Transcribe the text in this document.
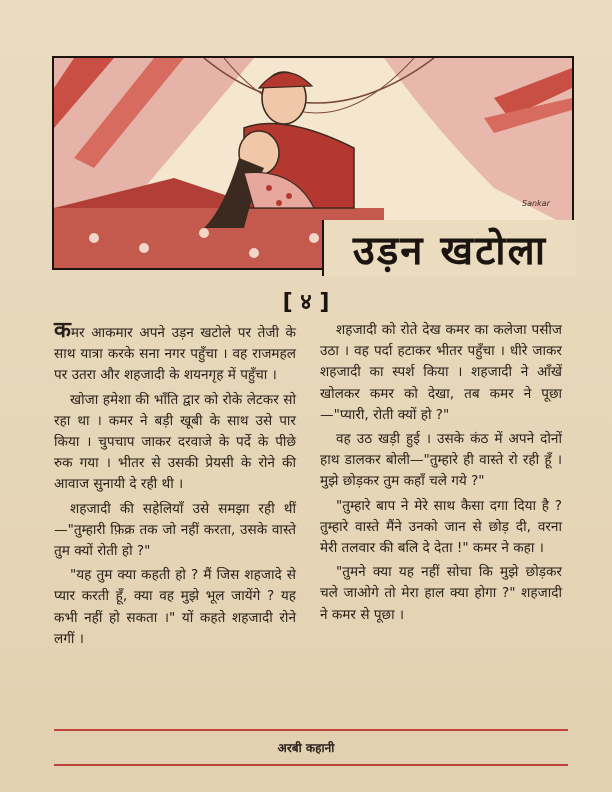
Sankar
उड़न खटोला
[ ४ ]

कमर आकमार अपने उड़न खटोले पर तेजी के साथ यात्रा करके सना नगर पहुँचा । वह राजमहल पर उतरा और शहजादी के शयनगृह में पहुँचा ।

खोजा हमेशा की भाँति द्वार को रोके लेटकर सो रहा था । कमर ने बड़ी खूबी के साथ उसे पार किया । चुपचाप जाकर दरवाजे के पर्दे के पीछे रुक गया । भीतर से उसकी प्रेयसी के रोने की आवाज सुनायी दे रही थी ।

शहजादी की सहेलियाँ उसे समझा रही थीं—"तुम्हारी फ़िक्र तक जो नहीं करता, उसके वास्ते तुम क्यों रोती हो ?"

"यह तुम क्या कहती हो ? मैं जिस शहजादे से प्यार करती हूँ, क्या वह मुझे भूल जायेंगे ? यह कभी नहीं हो सकता ।" यों कहते शहजादी रोने लगीं ।

शहजादी को रोते देख कमर का कलेजा पसीज उठा । वह पर्दा हटाकर भीतर पहुँचा । धीरे जाकर शहजादी का स्पर्श किया । शहजादी ने आँखें खोलकर कमर को देखा, तब कमर ने पूछा—"प्यारी, रोती क्यों हो ?"

वह उठ खड़ी हुई । उसके कंठ में अपने दोनों हाथ डालकर बोली—"तुम्हारे ही वास्ते रो रही हूँ । मुझे छोड़कर तुम कहाँ चले गये ?"

"तुम्हारे बाप ने मेरे साथ कैसा दगा दिया है ? तुम्हारे वास्ते मैंने उनको जान से छोड़ दी, वरना मेरी तलवार की बलि दे देता !" कमर ने कहा ।

"तुमने क्या यह नहीं सोचा कि मुझे छोड़कर चले जाओगे तो मेरा हाल क्या होगा ?" शहजादी ने कमर से पूछा ।

अरबी कहानी
